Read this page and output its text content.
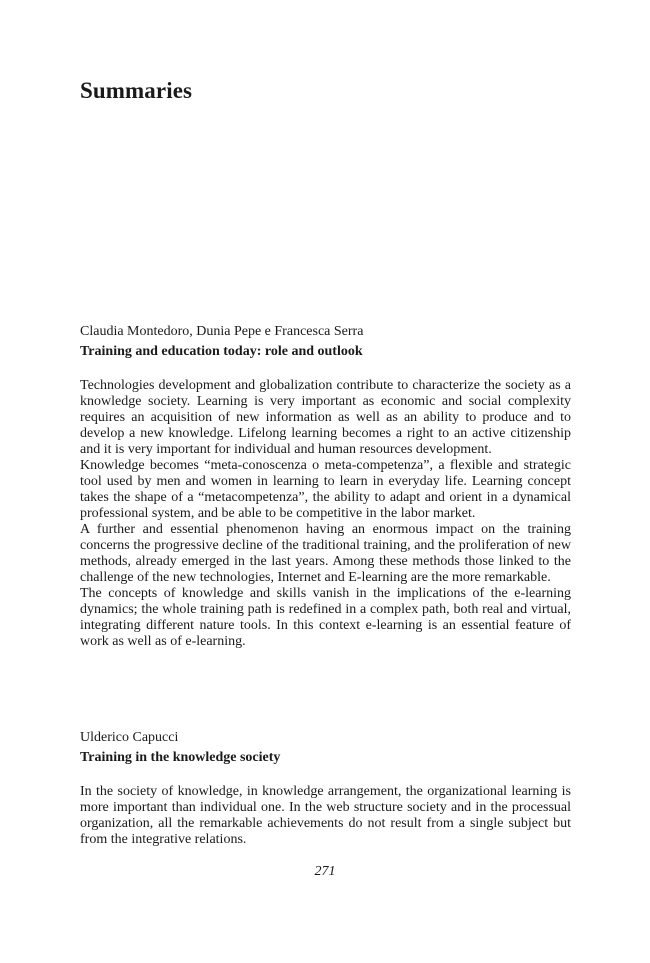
Summaries

Claudia Montedoro, Dunia Pepe e Francesca Serra

Training and education today: role and outlook

Technologies development and globalization contribute to characterize the society as a knowledge society. Learning is very important as economic and social complexity requires an acquisition of new information as well as an ability to produce and to develop a new knowledge. Lifelong learning becomes a right to an active citizenship and it is very important for individual and human resources development.

Knowledge becomes “meta-conoscenza o meta-competenza”, a flexible and strategic tool used by men and women in learning to learn in everyday life. Learning concept takes the shape of a “metacompetenza”, the ability to adapt and orient in a dynamical professional system, and be able to be competitive in the labor market.

A further and essential phenomenon having an enormous impact on the training concerns the progressive decline of the traditional training, and the proliferation of new methods, already emerged in the last years. Among these methods those linked to the challenge of the new technologies, Internet and E-learning are the more remarkable.

The concepts of knowledge and skills vanish in the implications of the e-learning dynamics; the whole training path is redefined in a complex path, both real and virtual, integrating different nature tools. In this context e-learning is an essential feature of work as well as of e-learning.

Ulderico Capucci

Training in the knowledge society

In the society of knowledge, in knowledge arrangement, the organizational learning is more important than individual one. In the web structure society and in the processual organization, all the remarkable achievements do not result from a single subject but from the integrative relations.

271
